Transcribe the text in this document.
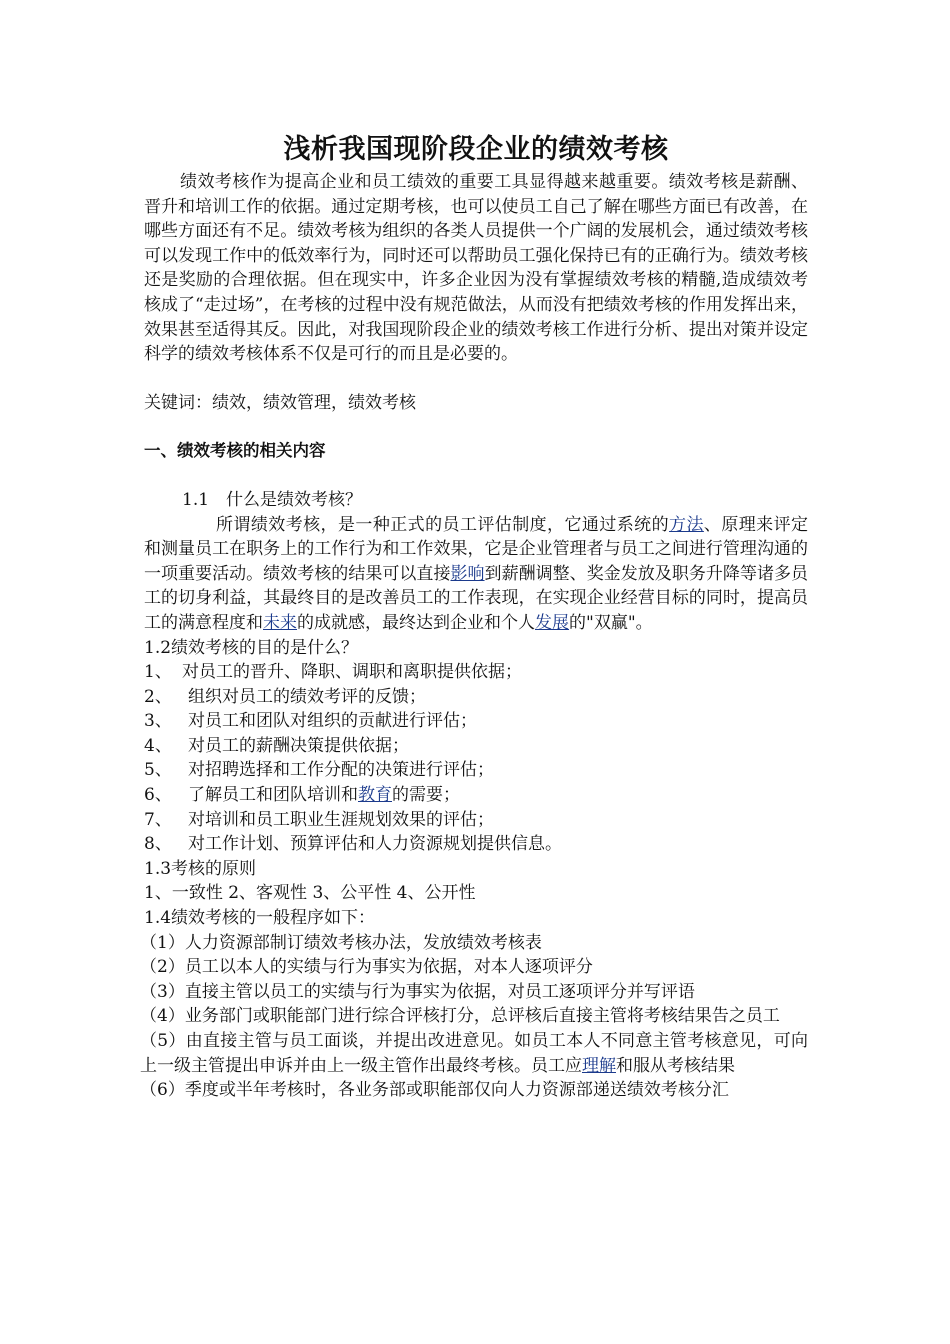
浅析我国现阶段企业的绩效考核

绩效考核作为提高企业和员工绩效的重要工具显得越来越重要。绩效考核是薪酬、晋升和培训工作的依据。通过定期考核，也可以使员工自己了解在哪些方面已有改善，在哪些方面还有不足。绩效考核为组织的各类人员提供一个广阔的发展机会，通过绩效考核可以发现工作中的低效率行为，同时还可以帮助员工强化保持已有的正确行为。绩效考核还是奖励的合理依据。但在现实中，许多企业因为没有掌握绩效考核的精髓,造成绩效考核成了“走过场”，在考核的过程中没有规范做法，从而没有把绩效考核的作用发挥出来，效果甚至适得其反。因此，对我国现阶段企业的绩效考核工作进行分析、提出对策并设定科学的绩效考核体系不仅是可行的而且是必要的。

关键词：绩效，绩效管理，绩效考核

一、绩效考核的相关内容

1.1　什么是绩效考核？

所谓绩效考核，是一种正式的员工评估制度，它通过系统的方法、原理来评定和测量员工在职务上的工作行为和工作效果，它是企业管理者与员工之间进行管理沟通的一项重要活动。绩效考核的结果可以直接影响到薪酬调整、奖金发放及职务升降等诸多员工的切身利益，其最终目的是改善员工的工作表现，在实现企业经营目标的同时，提高员工的满意程度和未来的成就感，最终达到企业和个人发展的"双赢"。

1.2绩效考核的目的是什么？

1、 对员工的晋升、降职、调职和离职提供依据；

2、 组织对员工的绩效考评的反馈；

3、 对员工和团队对组织的贡献进行评估；

4、 对员工的薪酬决策提供依据；

5、 对招聘选择和工作分配的决策进行评估；

6、 了解员工和团队培训和教育的需要；

7、 对培训和员工职业生涯规划效果的评估；

8、 对工作计划、预算评估和人力资源规划提供信息。

1.3考核的原则

1、一致性 2、客观性 3、公平性 4、公开性

1.4绩效考核的一般程序如下：

（1）人力资源部制订绩效考核办法，发放绩效考核表

（2）员工以本人的实绩与行为事实为依据，对本人逐项评分

（3）直接主管以员工的实绩与行为事实为依据，对员工逐项评分并写评语

（4）业务部门或职能部门进行综合评核打分，总评核后直接主管将考核结果告之员工

（5）由直接主管与员工面谈，并提出改进意见。如员工本人不同意主管考核意见，可向上一级主管提出申诉并由上一级主管作出最终考核。员工应理解和服从考核结果

（6）季度或半年考核时，各业务部或职能部仅向人力资源部递送绩效考核分汇
